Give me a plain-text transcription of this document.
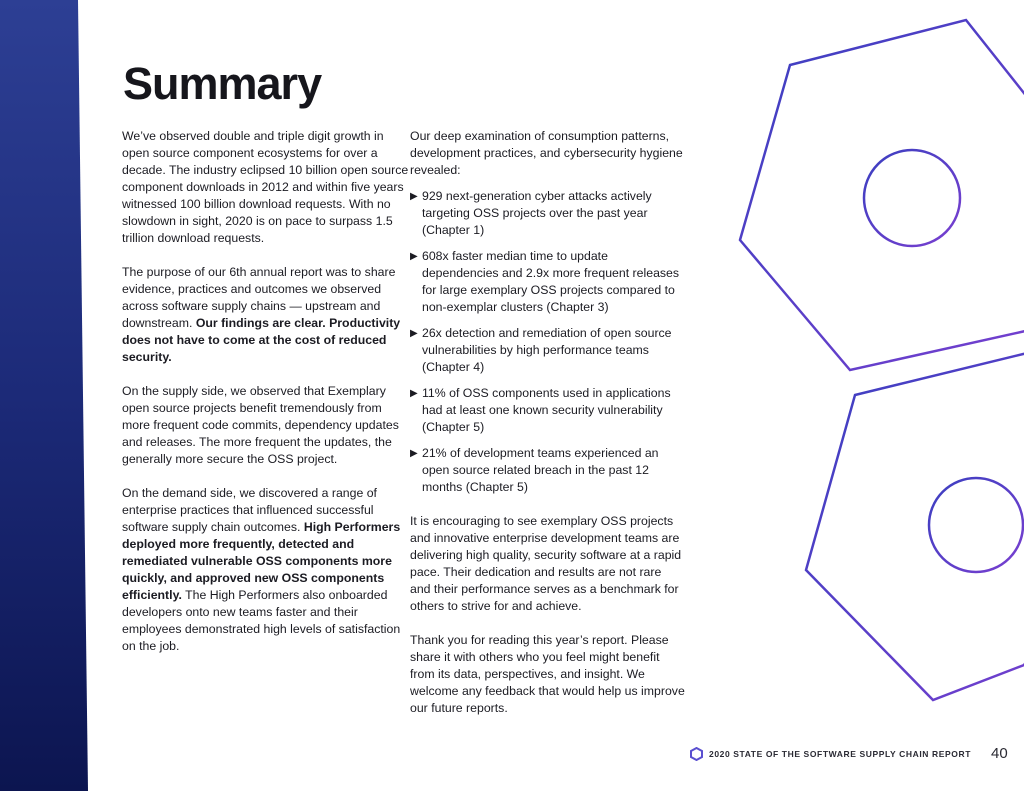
Summary

We’ve observed double and triple digit growth in open source component ecosystems for over a decade. The industry eclipsed 10 billion open source component downloads in 2012 and within five years witnessed 100 billion download requests. With no slowdown in sight, 2020 is on pace to surpass 1.5 trillion download requests.

The purpose of our 6th annual report was to share evidence, practices and outcomes we observed across software supply chains — upstream and downstream. Our findings are clear. Productivity does not have to come at the cost of reduced security.

On the supply side, we observed that Exemplary open source projects benefit tremendously from more frequent code commits, dependency updates and releases. The more frequent the updates, the generally more secure the OSS project.

On the demand side, we discovered a range of enterprise practices that influenced successful software supply chain outcomes. High Performers deployed more frequently, detected and remediated vulnerable OSS components more quickly, and approved new OSS components efficiently. The High Performers also onboarded developers onto new teams faster and their employees demonstrated high levels of satisfaction on the job.

Our deep examination of consumption patterns, development practices, and cybersecurity hygiene revealed:

▶ 929 next-generation cyber attacks actively targeting OSS projects over the past year (Chapter 1)

▶ 608x faster median time to update dependencies and 2.9x more frequent releases for large exemplary OSS projects compared to non-exemplar clusters (Chapter 3)

▶ 26x detection and remediation of open source vulnerabilities by high performance teams (Chapter 4)

▶ 11% of OSS components used in applications had at least one known security vulnerability (Chapter 5)

▶ 21% of development teams experienced an open source related breach in the past 12 months (Chapter 5)

It is encouraging to see exemplary OSS projects and innovative enterprise development teams are delivering high quality, security software at a rapid pace. Their dedication and results are not rare and their performance serves as a benchmark for others to strive for and achieve.

Thank you for reading this year’s report. Please share it with others who you feel might benefit from its data, perspectives, and insight. We welcome any feedback that would help us improve our future reports.

2020 STATE OF THE SOFTWARE SUPPLY CHAIN REPORT 40
